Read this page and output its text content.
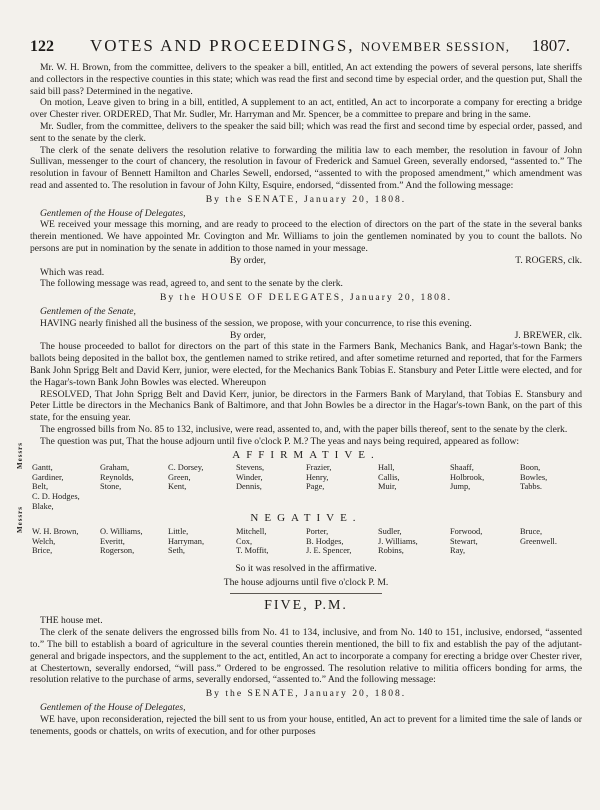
122 VOTES AND PROCEEDINGS, NOVEMBER SESSION, 1807.

Mr. W. H. Brown, from the committee, delivers to the speaker a bill, entitled, An act extending the powers of several persons, late sheriffs and collectors in the respective counties in this state; which was read the first and second time by especial order, and the question put, Shall the said bill pass? Determined in the negative.

On motion, Leave given to bring in a bill, entitled, A supplement to an act, entitled, An act to incorporate a company for erecting a bridge over Chester river. ORDERED, That Mr. Sudler, Mr. Harryman and Mr. Spencer, be a committee to prepare and bring in the same.

Mr. Sudler, from the committee, delivers to the speaker the said bill; which was read the first and second time by especial order, passed, and sent to the senate by the clerk.

The clerk of the senate delivers the resolution relative to forwarding the militia law to each member, the resolution in favour of John Sullivan, messenger to the court of chancery, the resolution in favour of Frederick and Samuel Green, severally endorsed, “assented to.” The resolution in favour of Bennett Hamilton and Charles Sewell, endorsed, “assented to with the proposed amendment,” which amendment was read and assented to. The resolution in favour of John Kilty, Esquire, endorsed, “dissented from.” And the following message:

By the SENATE, January 20, 1808.

Gentlemen of the House of Delegates,

WE received your message this morning, and are ready to proceed to the election of directors on the part of the state in the several banks therein mentioned. We have appointed Mr. Covington and Mr. Williams to join the gentlemen nominated by you to count the ballots. No persons are put in nomination by the senate in addition to those named in your message.

By order,	T. ROGERS, clk.

Which was read.

The following message was read, agreed to, and sent to the senate by the clerk.

By the HOUSE OF DELEGATES, January 20, 1808.

Gentlemen of the Senate,

HAVING nearly finished all the business of the session, we propose, with your concurrence, to rise this evening.

By order,	J. BREWER, clk.

The house proceeded to ballot for directors on the part of this state in the Farmers Bank, Mechanics Bank, and Hagar's-town Bank; the ballots being deposited in the ballot box, the gentlemen named to strike retired, and after sometime returned and reported, that for the Farmers Bank John Sprigg Belt and David Kerr, junior, were elected, for the Mechanics Bank Tobias E. Stansbury and Peter Little were elected, and for the Hagar's-town Bank John Bowles was elected. Whereupon

RESOLVED, That John Sprigg Belt and David Kerr, junior, be directors in the Farmers Bank of Maryland, that Tobias E. Stansbury and Peter Little be directors in the Mechanics Bank of Baltimore, and that John Bowles be a director in the Hagar's-town Bank, on the part of this state, for the ensuing year.

The engrossed bills from No. 85 to 132, inclusive, were read, assented to, and, with the paper bills thereof, sent to the senate by the clerk.

The question was put, That the house adjourn until five o'clock P. M.? The yeas and nays being required, appeared as follow:

AFFIRMATIVE.

Messrs Gantt,
Gardiner,
Belt,
C. D. Hodges,
Blake,
Graham,
Reynolds,
Stone,
C. Dorsey,
Green,
Kent,
Stevens,
Winder,
Dennis,
Frazier,
Henry,
Page,
Hall,
Callis,
Muir,
Shaaff,
Holbrook,
Jump,
Boon,
Bowles,
Tabbs.

NEGATIVE.

Messrs W. H. Brown,
Welch,
Brice,
O. Williams,
Everitt,
Rogerson,
Little,
Harryman,
Seth,
Mitchell,
Cox,
T. Moffit,
Porter,
B. Hodges,
J. E. Spencer,
Sudler,
J. Williams,
Robins,
Forwood,
Stewart,
Ray,
Bruce,
Greenwell.

So it was resolved in the affirmative.

The house adjourns until five o'clock P. M.

FIVE, P.M.

THE house met.

The clerk of the senate delivers the engrossed bills from No. 41 to 134, inclusive, and from No. 140 to 151, inclusive, endorsed, “assented to.” The bill to establish a board of agriculture in the several counties therein mentioned, the bill to fix and establish the pay of the adjutant-general and brigade inspectors, and the supplement to the act, entitled, An act to incorporate a company for erecting a bridge over Chester river, at Chestertown, severally endorsed, “will pass.” Ordered to be engrossed. The resolution relative to militia officers bonding for arms, the resolution relative to the purchase of arms, severally endorsed, “assented to.” And the following message:

By the SENATE, January 20, 1808.

Gentlemen of the House of Delegates,

WE have, upon reconsideration, rejected the bill sent to us from your house, entitled, An act to prevent for a limited time the sale of lands or tenements, goods or chattels, on writs of execution, and for other purposes
